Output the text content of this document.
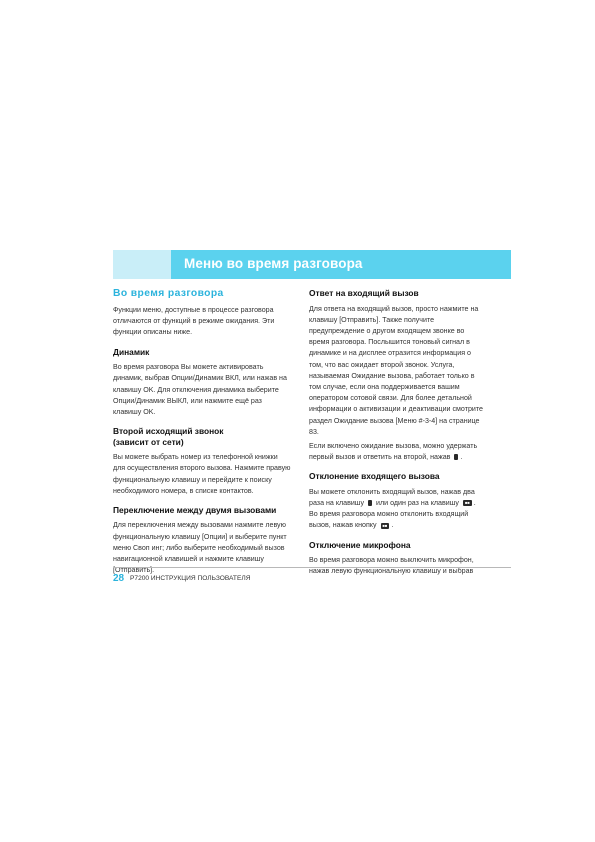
Меню во время разговора
Во время разговора
Функции меню, доступные в процессе разговора отличаются от функций в режиме ожидания. Эти функции описаны ниже.
Динамик
Во время разговора Вы можете активировать динамик, выбрав Опции/Динамик ВКЛ, или нажав на клавишу OK. Для отключения динамика выберите Опции/Динамик ВЫКЛ, или нажмите ещё раз клавишу OK.
Второй исходящий звонок
(зависит от сети)
Вы можете выбрать номер из телефонной книжки для осуществления второго вызова. Нажмите правую функциональную клавишу и перейдите к поиску необходимого номера, в списке контактов.
Переключение между двумя вызовами
Для переключения между вызовами нажмите левую функциональную клавишу [Опции] и выберите пункт меню Своп инг; либо выберите необходимый вызов навигационной клавишей и нажмите клавишу [Отправить].
Ответ на входящий вызов
Для ответа на входящий вызов, просто нажмите на клавишу [Отправить]. Также получите предупреждение о другом входящем звонке во время разговора. Послышится тоновый сигнал в динамике и на дисплее отразится информация о том, что вас ожидает второй звонок. Услуга, называемая Ожидание вызова, работает только в том случае, если она поддерживается вашим оператором сотовой связи. Для более детальной информации о активизации и деактивации смотрите раздел Ожидание вызова [Меню #-3-4] на странице 83.
Если включено ожидание вызова, можно удержать первый вызов и ответить на второй, нажав .
Отклонение входящего вызова
Вы можете отклонить входящий вызов, нажав два раза на клавишу или один раз на клавишу ■■ .
Во время разговора можно отклонить входящий вызов, нажав кнопку ■■ .
Отключение микрофона
Во время разговора можно выключить микрофон, нажав левую функциональную клавишу и выбрав
28 P7200 ИНСТРУКЦИЯ ПОЛЬЗОВАТЕЛЯ
